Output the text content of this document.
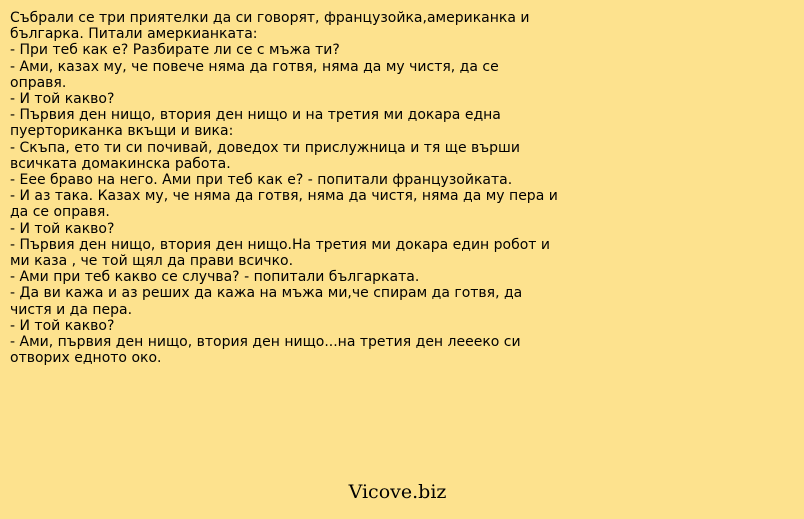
Събрали се три приятелки да си говорят, французойка,американка и
българка. Питали амеркианката:
- При теб как е? Разбирате ли се с мъжа ти?
- Ами, казах му, че повече няма да готвя, няма да му чистя, да се
оправя.
- И той какво?
- Първия ден нищо, втория ден нищо и на третия ми докара една
пуерториканка вкъщи и вика:
- Скъпа, ето ти си почивай, доведох ти прислужница и тя ще върши
всичката домакинска работа.
- Еее браво на него. Ами при теб как е? - попитали французойката.
- И аз така. Казах му, че няма да готвя, няма да чистя, няма да му пера и
да се оправя.
- И той какво?
- Първия ден нищо, втория ден нищо.На третия ми докара един робот и
ми каза , че той щял да прави всичко.
- Ами при теб какво се случва? - попитали българката.
- Да ви кажа и аз реших да кажа на мъжа ми,че спирам да готвя, да
чистя и да пера.
- И той какво?
- Ами, първия ден нищо, втория ден нищо...на третия ден лeееко си
отворих едното око.
Vicove.biz
